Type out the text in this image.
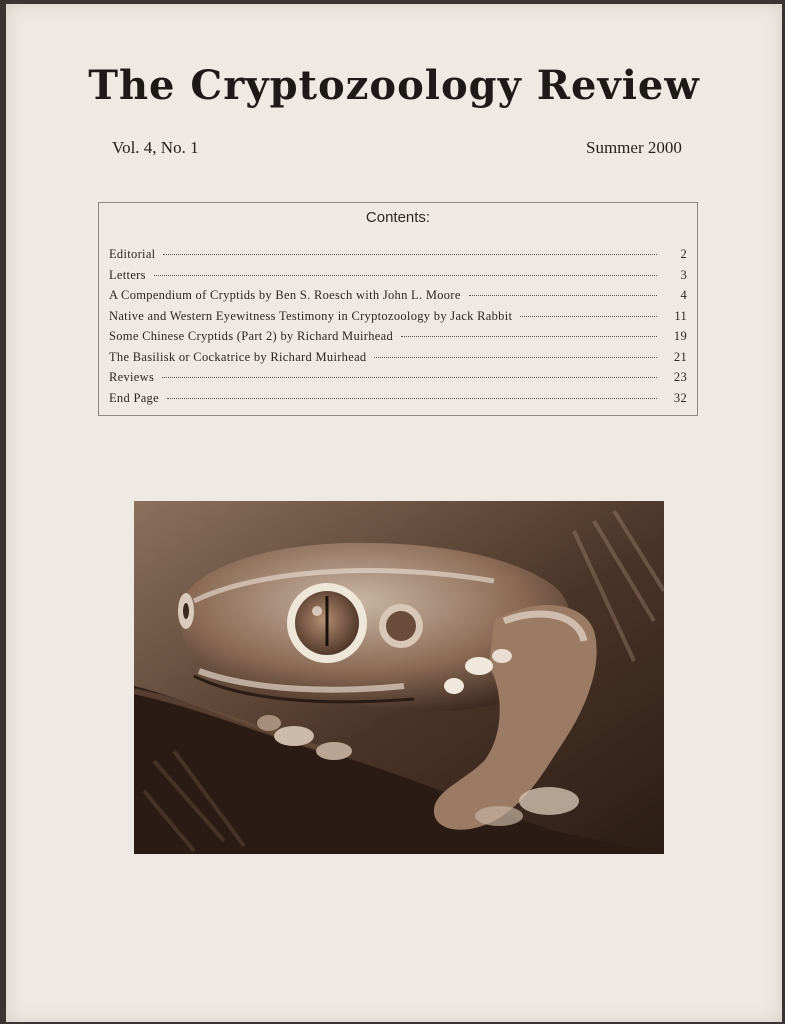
The Cryptozoology Review
Vol. 4, No. 1	Summer 2000
Contents:
Editorial	2
Letters	3
A Compendium of Cryptids by Ben S. Roesch with John L. Moore	4
Native and Western Eyewitness Testimony in Cryptozoology by Jack Rabbit	11
Some Chinese Cryptids (Part 2) by Richard Muirhead	19
The Basilisk or Cockatrice by Richard Muirhead	21
Reviews	23
End Page	32
